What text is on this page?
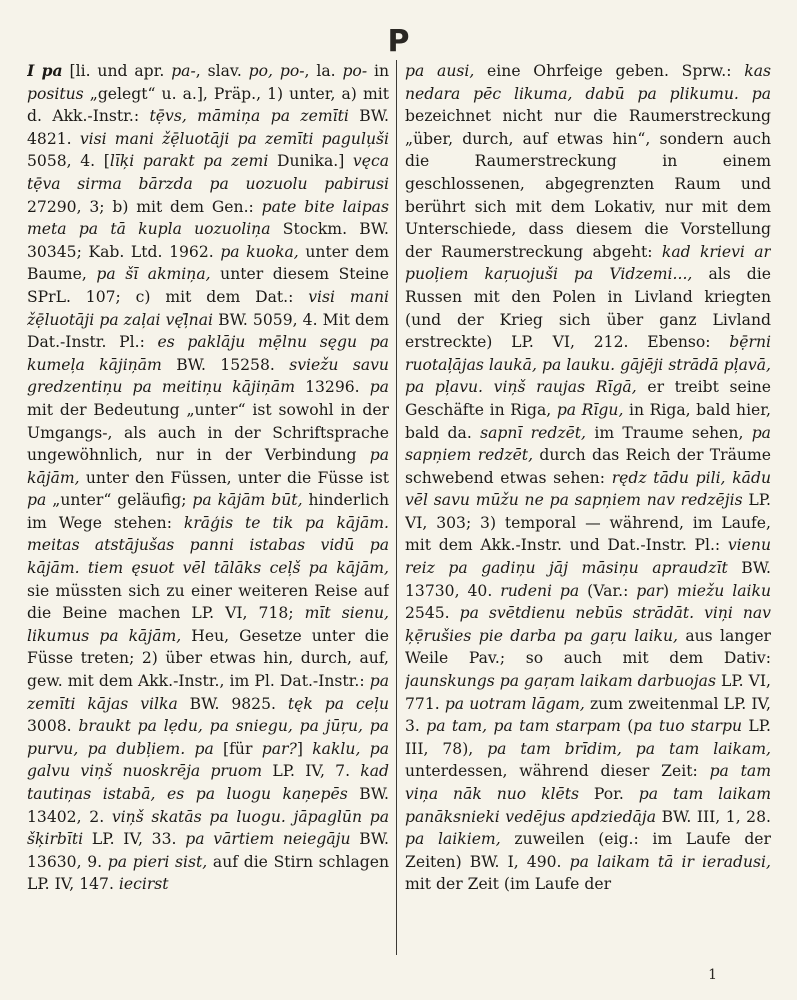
P

I pa [li. und apr. pa-, slav. po, po-, la. po- in positus „gelegt“ u. a.], Präp., 1) unter, a) mit d. Akk.-Instr.: tẹ̄vs, māmiņa pa zemīti BW. 4821. visi mani žẹ̄luotāji pa zemīti pagulu̦ši 5058, 4. [līķi parakt pa zemi Dunika.] vęca tẹ̄va sirma bārzda pa uozuolu pabirusi 27290, 3; b) mit dem Gen.: pate bite laipas meta pa tā kupla uozuoliņa Stockm. BW. 30345; Kab. Ltd. 1962. pa kuoka, unter dem Baume, pa šī akmiņa, unter diesem Steine SPrL. 107; c) mit dem Dat.: visi mani žẹ̄luotāji pa zaļai vęļ̄nai BW. 5059, 4. Mit dem Dat.-Instr. Pl.: es paklāju mẹ̄lnu sęgu pa kumeļa kājiņām BW. 15258. sviežu savu gredzentiņu pa meitiņu kājiņām 13296. pa mit der Bedeutung „unter“ ist sowohl in der Umgangs-, als auch in der Schriftsprache ungewöhnlich, nur in der Verbindung pa kājām, unter den Füssen, unter die Füsse ist pa „unter“ geläufig; pa kājām būt, hinderlich im Wege stehen: krāģis te tik pa kājām. meitas atstājušas panni istabas vidū pa kājām. tiem ęsuot vēl tālāks ceļš pa kājām, sie müssten sich zu einer weiteren Reise auf die Beine machen LP. VI, 718; mīt sienu, likumus pa kājām, Heu, Gesetze unter die Füsse treten; 2) über etwas hin, durch, auf, gew. mit dem Akk.-Instr., im Pl. Dat.-Instr.: pa zemīti kājas vilka BW. 9825. tęk pa ceļu 3008. braukt pa lẹdu, pa sniegu, pa jūŗu, pa purvu, pa dubļiem. pa [für par?] kaklu, pa galvu viņš nuoskrēja pruom LP. IV, 7. kad tautiņas istabā, es pa luogu kaņepēs BW. 13402, 2. viņš skatās pa luogu. jāpaglūn pa šķirbīti LP. IV, 33. pa vārtiem neiegāju BW. 13630, 9. pa pieri sist, auf die Stirn schlagen LP. IV, 147. iecirst

pa ausi, eine Ohrfeige geben. Sprw.: kas nedara pēc likuma, dabū pa plikumu. pa bezeichnet nicht nur die Raumerstreckung „über, durch, auf etwas hin“, sondern auch die Raumerstreckung in einem geschlossenen, abgegrenzten Raum und berührt sich mit dem Lokativ, nur mit dem Unterschiede, dass diesem die Vorstellung der Raumerstreckung abgeht: kad krievi ar puoļiem kaŗuojuši pa Vidzemi..., als die Russen mit den Polen in Livland kriegten (und der Krieg sich über ganz Livland erstreckte) LP. VI, 212. Ebenso: bẹ̄rni ruotaļājas laukā, pa lauku. gājēji strādā pļavā, pa pļavu. viņš raujas Rīgā, er treibt seine Geschäfte in Riga, pa Rīgu, in Riga, bald hier, bald da. sapnī redzēt, im Traume sehen, pa sapņiem redzēt, durch das Reich der Träume schwebend etwas sehen: rędz tādu pili, kādu vēl savu mūžu ne pa sapņiem nav redzējis LP. VI, 303; 3) temporal — während, im Laufe, mit dem Akk.-Instr. und Dat.-Instr. Pl.: vienu reiz pa gadiņu jāj māsiņu apraudzīt BW. 13730, 40. rudeni pa (Var.: par) miežu laiku 2545. pa svētdienu nebūs strādāt. viņi nav ķẹ̄rušies pie darba pa gaŗu laiku, aus langer Weile Pav.; so auch mit dem Dativ: jaunskungs pa gaŗam laikam darbuojas LP. VI, 771. pa uotram lāgam, zum zweitenmal LP. IV, 3. pa tam, pa tam starpam (pa tuo starpu LP. III, 78), pa tam brīdim, pa tam laikam, unterdessen, während dieser Zeit: pa tam viņa nāk nuo klēts Por. pa tam laikam panāksnieki vedējus apdziedāja BW. III, 1, 28. pa laikiem, zuweilen (eig.: im Laufe der Zeiten) BW. I, 490. pa laikam tā ir ieradusi, mit der Zeit (im Laufe der

1
